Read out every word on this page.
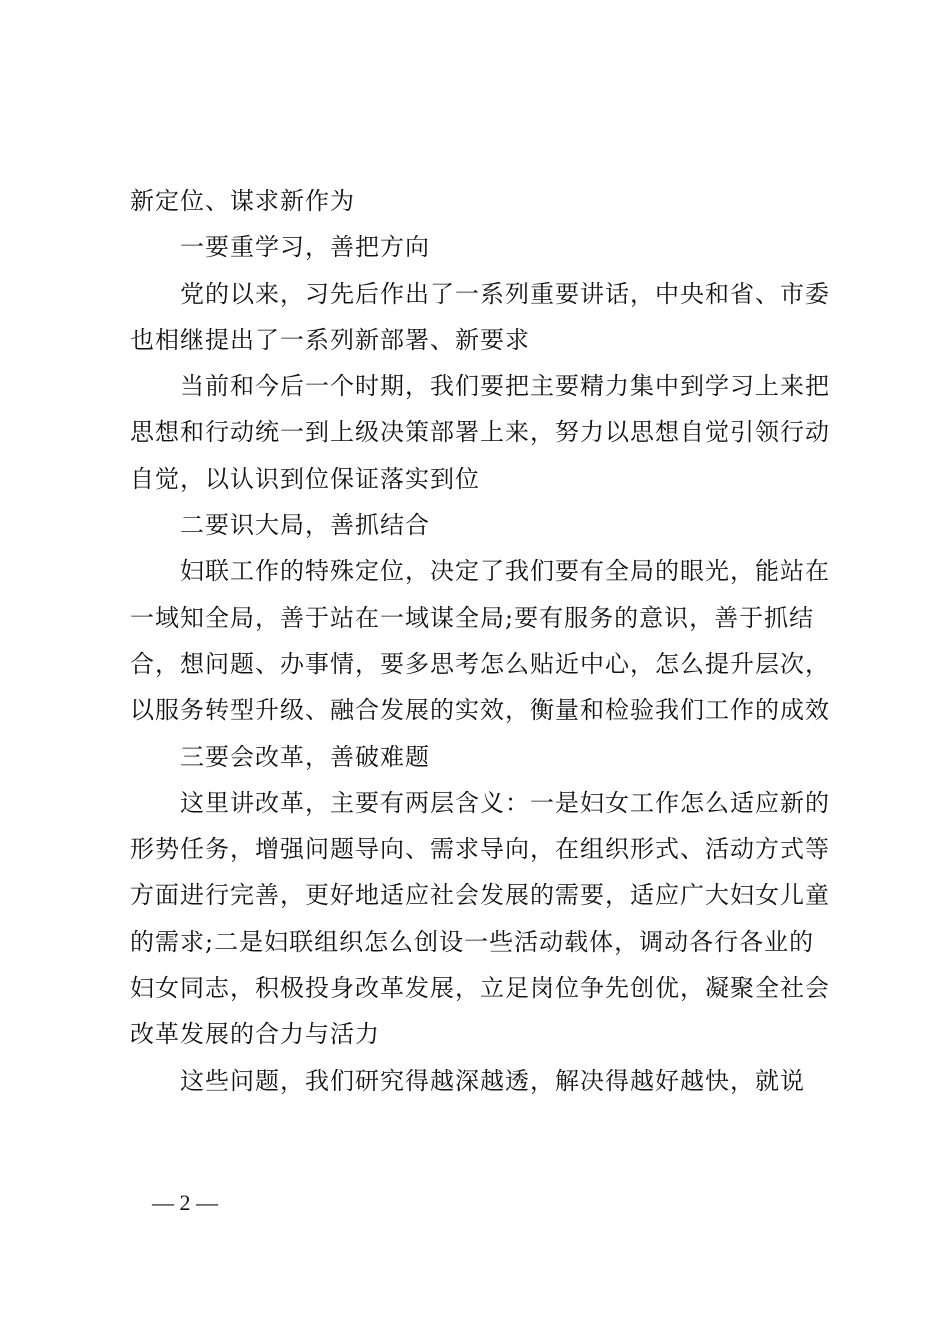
新定位、谋求新作为

一要重学习，善把方向

党的以来，习先后作出了一系列重要讲话，中央和省、市委也相继提出了一系列新部署、新要求

当前和今后一个时期，我们要把主要精力集中到学习上来把思想和行动统一到上级决策部署上来，努力以思想自觉引领行动自觉，以认识到位保证落实到位

二要识大局，善抓结合

妇联工作的特殊定位，决定了我们要有全局的眼光，能站在一域知全局，善于站在一域谋全局;要有服务的意识，善于抓结合，想问题、办事情，要多思考怎么贴近中心，怎么提升层次，以服务转型升级、融合发展的实效，衡量和检验我们工作的成效

三要会改革，善破难题

这里讲改革，主要有两层含义：一是妇女工作怎么适应新的形势任务，增强问题导向、需求导向，在组织形式、活动方式等方面进行完善，更好地适应社会发展的需要，适应广大妇女儿童的需求;二是妇联组织怎么创设一些活动载体，调动各行各业的妇女同志，积极投身改革发展，立足岗位争先创优，凝聚全社会改革发展的合力与活力

这些问题，我们研究得越深越透，解决得越好越快，就说

— 2 —
